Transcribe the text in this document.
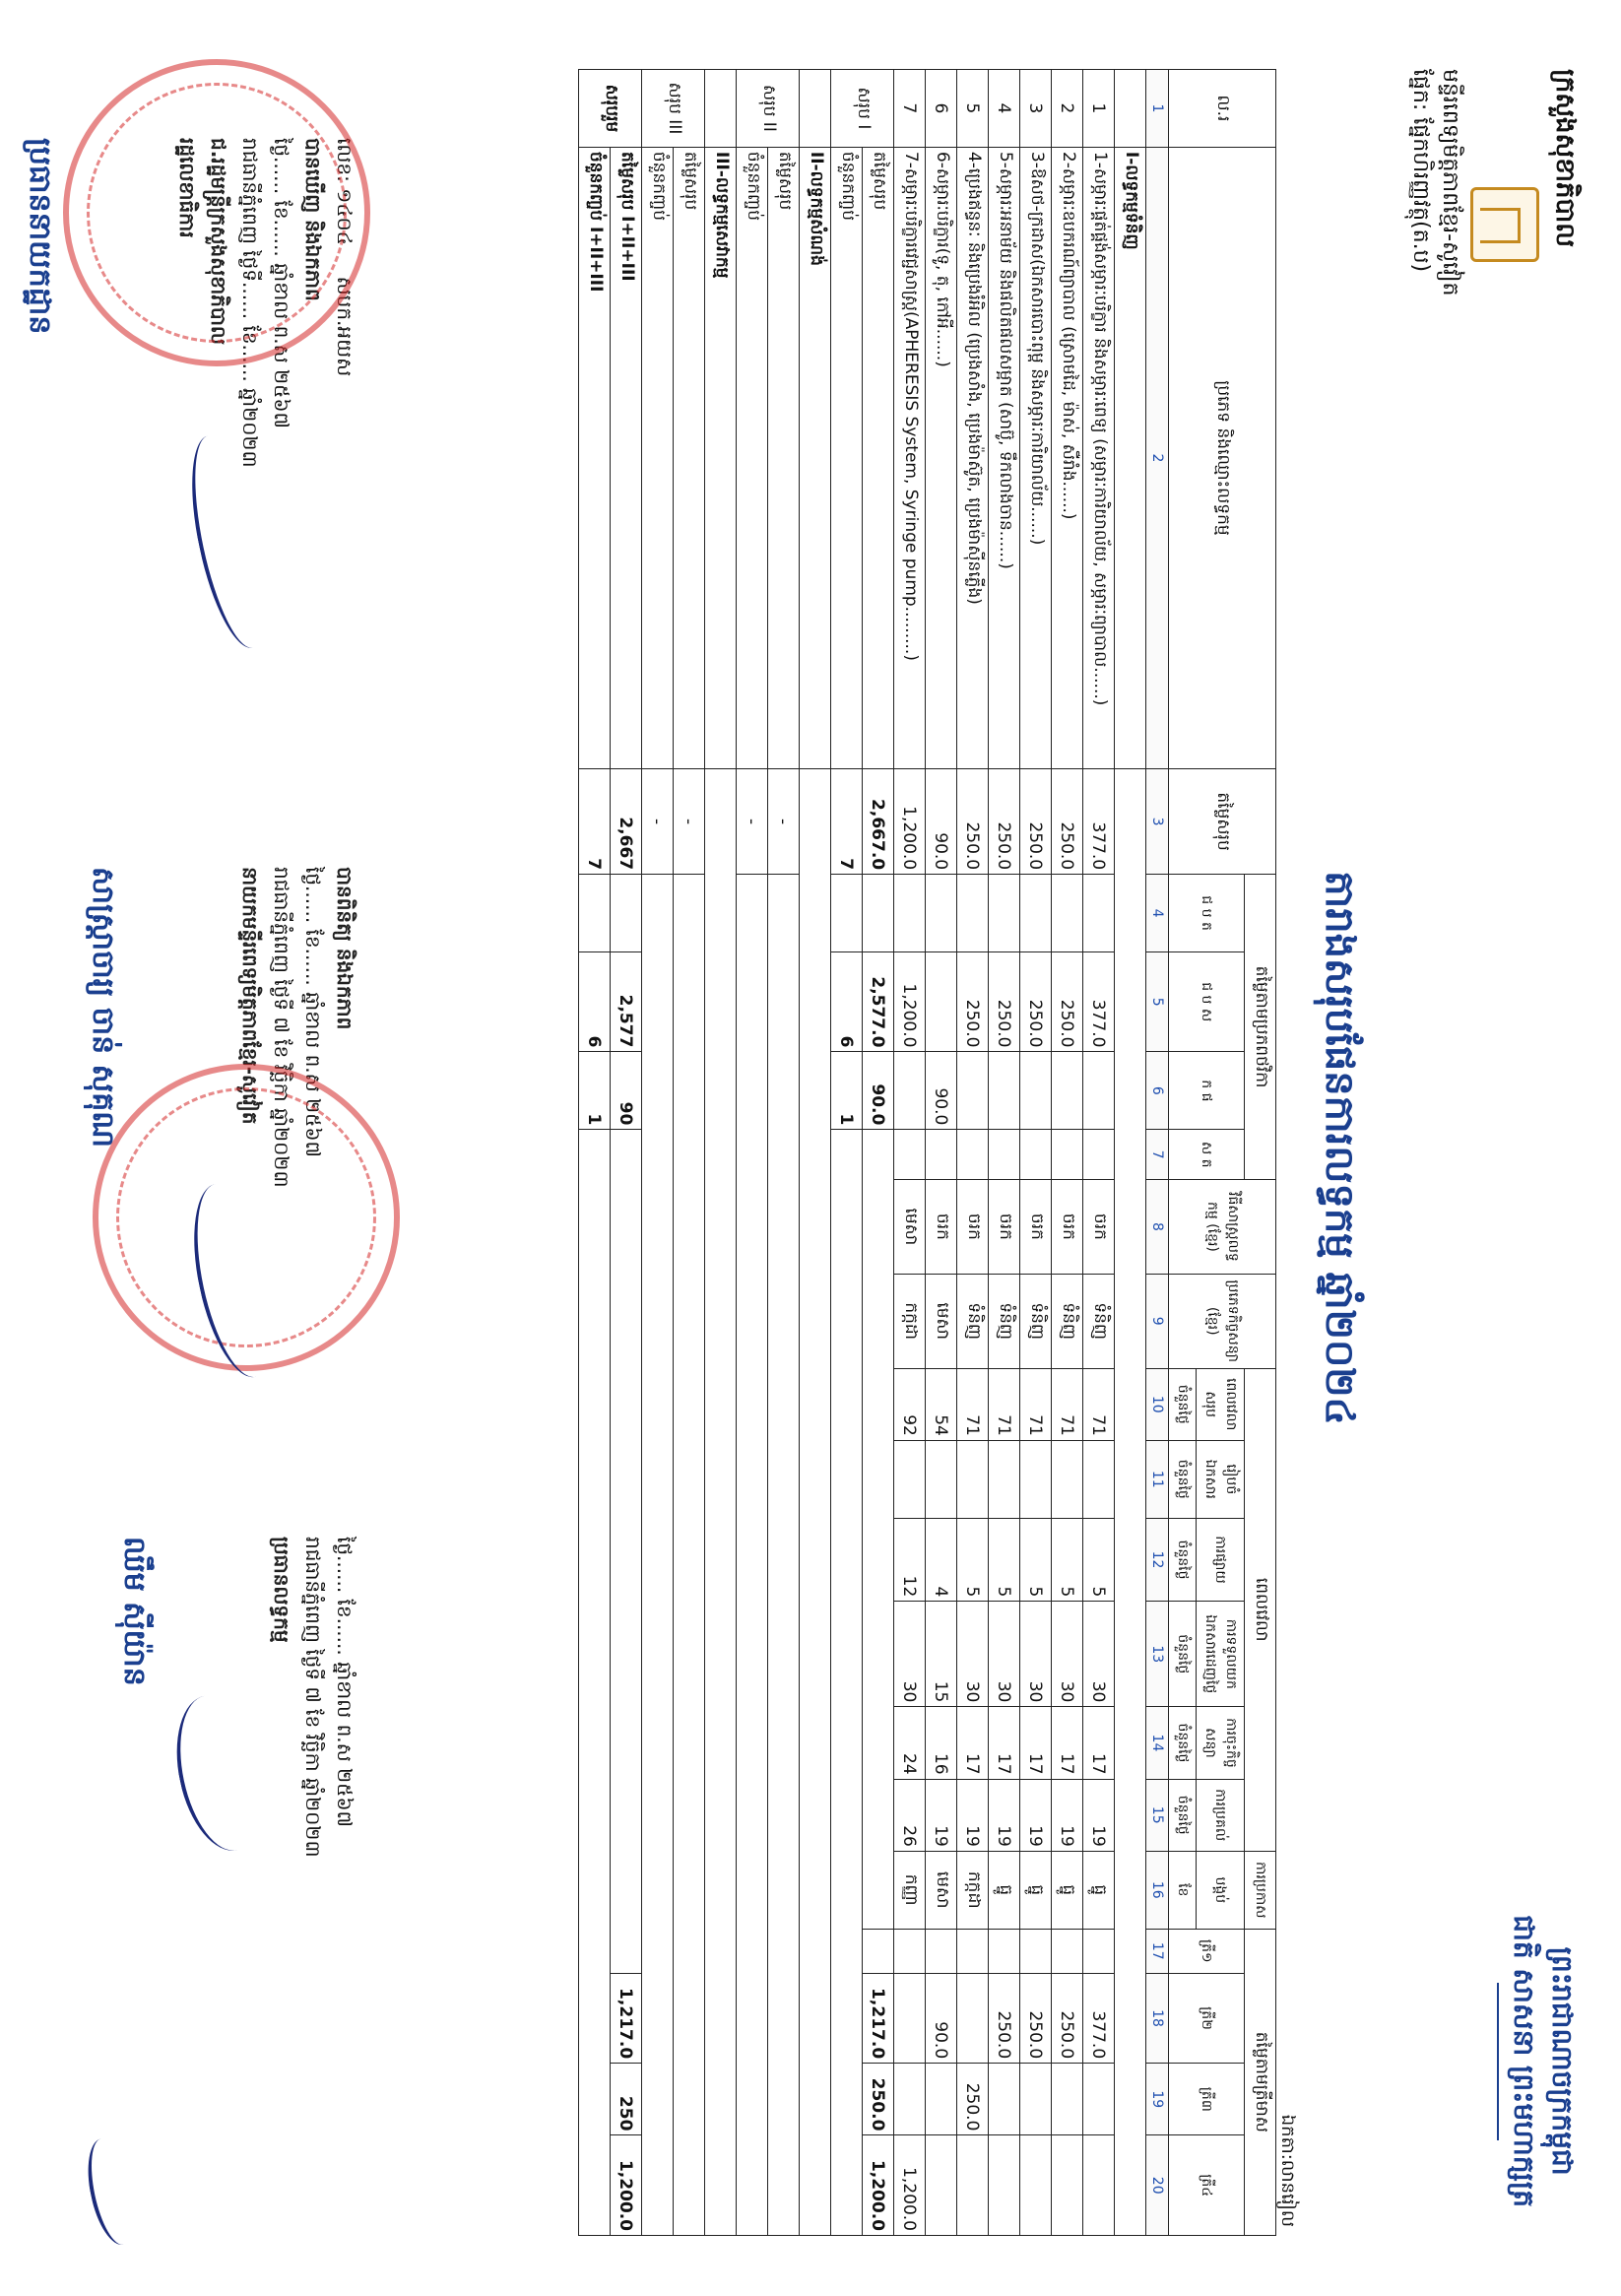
ក្រសួងសុខាភិបាល
មន្ទីរពេទ្យមិត្តភាពខ្មែរ-សូវៀត
ផ្នែក: ផ្នែកហិរញ្ញវត្ថុ(ត.ប)
ព្រះរាជាណាចក្រកម្ពុជា
ជាតិ សាសនា ព្រះមហាក្សត្រ
តារាងសរុបផែនការលទ្ធកម្ម ឆ្នាំ២០២៤
ឯកតា:លានរៀល
ល.រ	ប្រភេទ និងឈ្មោះលទ្ធកម្ម	តម្លៃសរុប	តម្លៃតាមប្រភពថវិកា				វិធីសាស្ត្រលទ្ធកម្ម (ខ្មែរ)	ប្រភេទកិច្ចសន្យា (ខ្មែរ)	ពេលវេលា						ការប្រកាស	តម្លៃតាមត្រីមាស			
			ជ ប ត	ជ ប ស	ក ផ	ស ត			ពេលវេលាសរុប	រៀបចំឯកសារ	ការផ្សាយ	ការទទួលយកឯកសារដេញថ្លៃ	ការចុះកិច្ចសន្យា	ការប្រគល់	បង្គប់	ត្រី១	ត្រី២	ត្រី៣	ត្រី៤
									ចំនួនថ្ងៃ	ចំនួនថ្ងៃ	ចំនួនថ្ងៃ	ចំនួនថ្ងៃ	ចំនួនថ្ងៃ	ចំនួនថ្ងៃ	ខែ				
1	2	3	4	5	6	7	8	9	10	11	12	13	14	15	16	17	18	19	20
	I-លទ្ធកម្មទំនិញ																		
1	1-សម្ភារៈផ្គត់ផ្គង់សម្ភារៈបរិក្ខារ និងសម្ភារៈពេទ្យ (សម្ភារៈការិយាល័យ, សម្ភារៈព្យាបាល......)	377.0		377.0			ចរក	ទំនិញ	71		5	30	17	19	ធ្នូ		377.0		
2	2-សម្ភារៈឧបករណ៍ព្យាបាល (ស្រោមដៃ, ម៉ាស់, សឺរាំង......)	250.0		250.0			ចរក	ទំនិញ	71		5	30	17	19	ធ្នូ		250.0		
3	3-ឱសថ-ក្រដាស(ឯកសារបោះពុម្ព និងសម្ភារៈការិយាល័យ......)	250.0		250.0			ចរក	ទំនិញ	71		5	30	17	19	ធ្នូ		250.0		
4	5-សម្ភារៈអនាម័យ និងផលិតផលសម្អាត (សាប៊ូ, ទឹកលាងចាន......)	250.0		250.0			ចរក	ទំនិញ	71		5	30	17	19	ធ្នូ		250.0		
5	4-ប្រេងឥន្ធនៈ និងប្រេងរំអិល (ប្រេងសាំង, ប្រេងម៉ាស៊ូត, ប្រេងម៉ាស៊ីនភ្លើង)	250.0		250.0			ចរក	ទំនិញ	71		5	30	17	19	កក្កដា			250.0	
6	6-សម្ភារៈបរិក្ខារ(ទូ, តុ, កៅអី......)	90.0			90.0		ចរក	មេសា	54		4	15	16	19	មេសា		90.0		
7	7-សម្ភារៈបរិក្ខារវេជ្ជសាស្ត្រ(APHERESIS System, Syringe pump.........)	1,200.0		1,200.0			មេសា	កក្កដា	92		12	30	24	26	កញ្ញា				1,200.0
សរុប I	តម្លៃសរុប	2,667.0		2,577.0	90.0												1,217.0	250.0	1,200.0
	ចំនួនកញ្ចប់	7		6	1														
	II-លទ្ធកម្មសំណង់																		
សរុប II	តម្លៃសរុប	-																	
	ចំនួនកញ្ចប់	-																	
	III-លទ្ធកម្មសេវាកម្ម																		
សរុប III	តម្លៃសរុប	-																	
	ចំនួនកញ្ចប់	-																	
សរុបរួម	តម្លៃសរុប I+II+III	2,667		2,577	90												1,217.0	250	1,200.0
	ចំនួនកញ្ចប់ I+II+III	7		6	1														
លេខ: ១៤០៤     សបក.អយស
បានឃើញ និងឯកភាព
ថ្ងៃ...... ខែ...... ឆ្នាំខាល ព.ស ២៥៦៧
រាជធានីភ្នំពេញ ថ្ងៃទី...... ខែ...... ឆ្នាំ២០២៣
ជ.រដ្ឋមន្ត្រីក្រសួងសុខាភិបាល
រដ្ឋលេខាធិការ
ប្រធាននាយកដ្ឋាន
បានពិនិត្យ និងឯកភាព
ថ្ងៃ...... ខែ...... ឆ្នាំខាល ព.ស ២៥៦៧
រាជធានីភ្នំពេញ ថ្ងៃទី ៧ ខែ វិច្ឆិកា ឆ្នាំ២០២៣
នាយកមន្ទីរពេទ្យមិត្តភាពខ្មែរ-សូវៀត
សាស្ត្រាចារ្យ ចាន់ សុគុណ
ថ្ងៃ...... ខែ...... ឆ្នាំខាល ព.ស ២៥៦៧
រាជធានីភ្នំពេញ ថ្ងៃទី ៧ ខែ វិច្ឆិកា ឆ្នាំ២០២៣
ប្រធានលទ្ធកម្ម
ឈឹម ស៊ីយ៉ាន
